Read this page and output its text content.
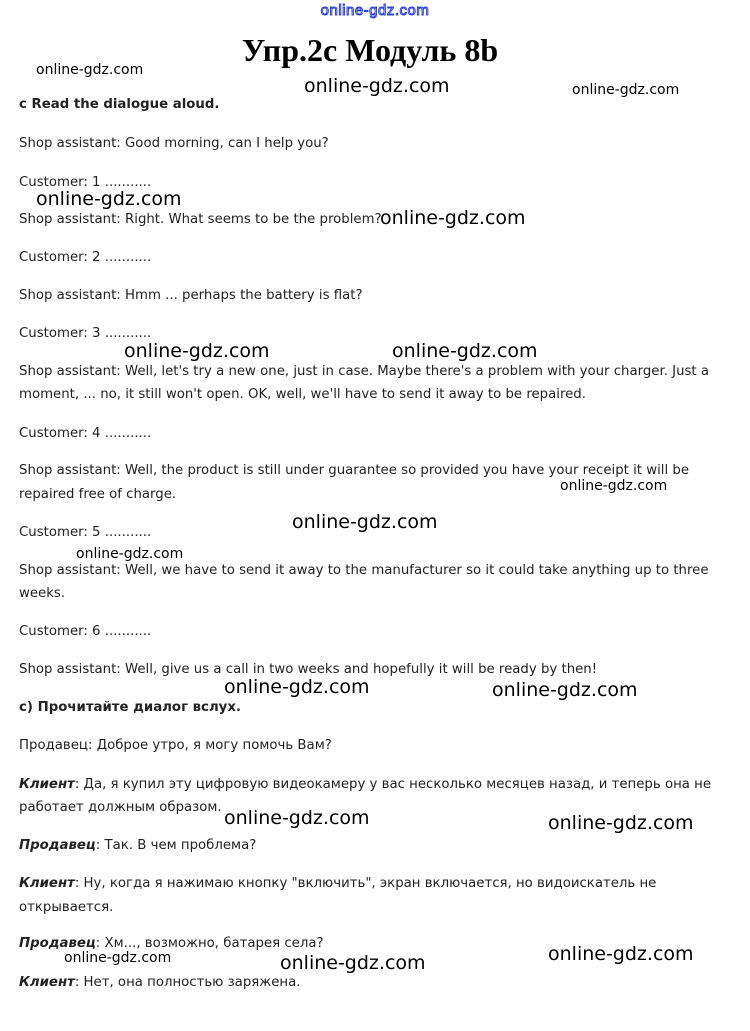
online-gdz.com
Упр.2с Модуль 8b
c Read the dialogue aloud.
Shop assistant: Good morning, can I help you?
Customer: 1 ...........
Shop assistant: Right. What seems to be the problem?
Customer: 2 ...........
Shop assistant: Hmm ... perhaps the battery is flat?
Customer: 3 ...........
Shop assistant: Well, let's try a new one, just in case. Maybe there's a problem with your charger. Just a
moment, ... no, it still won't open. OK, well, we'll have to send it away to be repaired.
Customer: 4 ...........
Shop assistant: Well, the product is still under guarantee so provided you have your receipt it will be
repaired free of charge.
Customer: 5 ...........
Shop assistant: Well, we have to send it away to the manufacturer so it could take anything up to three
weeks.
Customer: 6 ...........
Shop assistant: Well, give us a call in two weeks and hopefully it will be ready by then!
c) Прочитайте диалог вслух.
Продавец: Доброе утро, я могу помочь Вам?
Клиент: Да, я купил эту цифровую видеокамеру у вас несколько месяцев назад, и теперь она не
работает должным образом.
Продавец: Так. В чем проблема?
Клиент: Ну, когда я нажимаю кнопку "включить", экран включается, но видоискатель не
открывается.
Продавец: Хм..., возможно, батарея села?
Клиент: Нет, она полностью заряжена.
online-gdz.com
online-gdz.com	online-gdz.com
online-gdz.com
online-gdz.com
online-gdz.com	online-gdz.com
online-gdz.com
online-gdz.com
online-gdz.com
online-gdz.com	online-gdz.com
online-gdz.com	online-gdz.com
online-gdz.com	online-gdz.com	online-gdz.com
